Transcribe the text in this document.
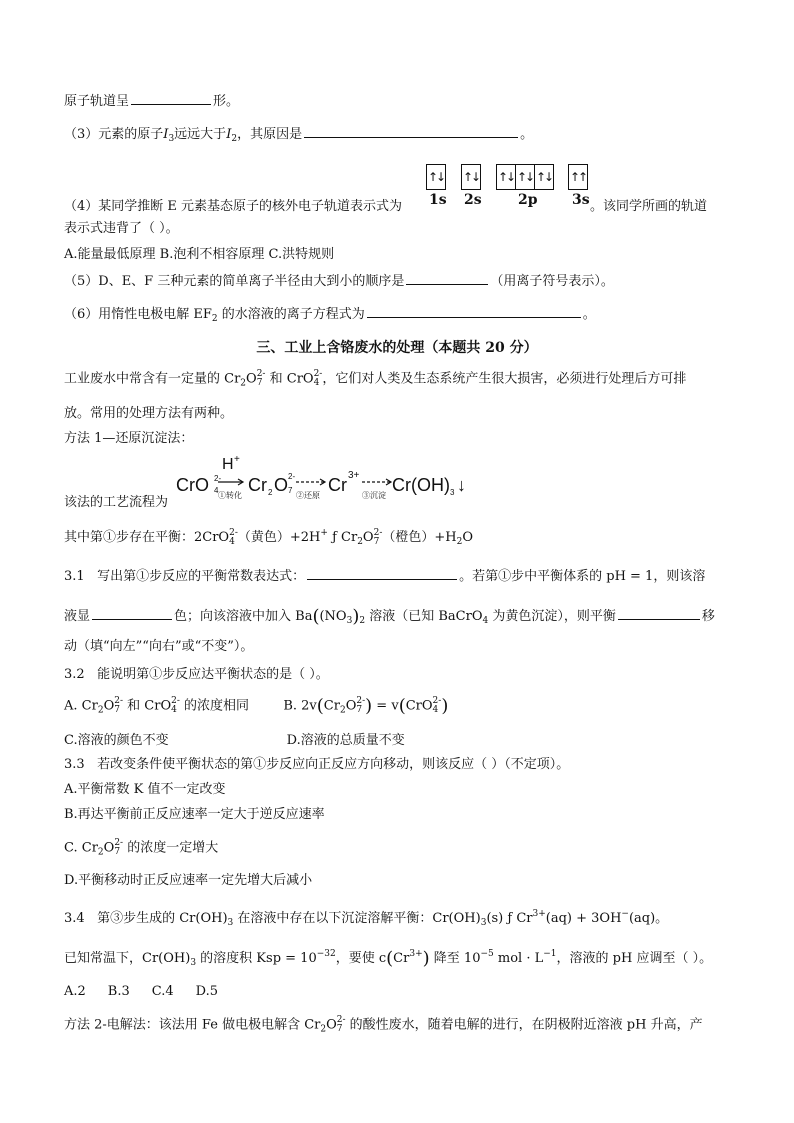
原子轨道呈	形。
（3）元素的原子$I_3$远远大于$I_2$，其原因是	。
↑↓ ↑↓ ↑↓ ↑↓ ↑↓ ↑↑
1s 2s	2p 3s
（4）某同学推断 E 元素基态原子的核外电子轨道表示式为	。该同学所画的轨道
表示式违背了（ ）。
A.能量最低原理 B.泡利不相容原理 C.洪特规则
（5）D、E、F 三种元素的简单离子半径由大到小的顺序是	（用离子符号表示）。
（6）用惰性电极电解 $EF_2$ 的水溶液的离子方程式为	。
三、工业上含铬废水的处理（本题共 20 分）
工业废水中常含有一定量的 $Cr_2O$ 2-
7 和 CrO 2-
4 ，它们对人类及生态系统产生很大损害，必须进行处理后方可排
放。常用的处理方法有两种。
方法 1—还原沉淀法：
CrO 2-
4
H +
①转化
Cr 2 O 2-
7
②还原
Cr 3+
③沉淀
Cr(OH) 3 ↓
该法的工艺流程为
其中第①步存在平衡：2CrO 2-
4 （黄色）+2H+ ƒ $Cr_2O$ 2-
7 （橙色）$+H_2O$
3.1 写出第①步反应的平衡常数表达式：	。若第①步中平衡体系的 pH = 1，则该溶
液显	色；向该溶液中加入 $Ba((NO_3)_2$ 溶液（已知 BaCrO$_4$ 为黄色沉淀），则平衡	移
动（填“向左”“向右”或“不变”）。
3.2 能说明第①步反应达平衡状态的是（ ）。
A. $Cr_2O$ 2-
7 和 CrO 2-
4 的浓度相同	B. $2v(Cr_2O$ 2-
7 ) = v(CrO 2-
4 )
C.溶液的颜色不变	D.溶液的总质量不变
3.3 若改变条件使平衡状态的第①步反应向正反应方向移动，则该反应（ ）（不定项）。
A.平衡常数 K 值不一定改变
B.再达平衡前正反应速率一定大于逆反应速率
C. $Cr_2O$ 2-
7 的浓度一定增大
D.平衡移动时正反应速率一定先增大后减小
3.4 第③步生成的 $Cr(OH)_3$ 在溶液中存在以下沉淀溶解平衡：$Cr(OH)_3(s)$ ƒ $Cr^{3+}(aq) + 3OH^-(aq)$。
已知常温下，$Cr(OH)_3$ 的溶度积 Ksp = $10^{-32}$，要使 $c(Cr^{3+})$ 降至 $10^{-5}$ mol · $L^{-1}$，溶液的 pH 应调至（ ）。
A.2 B.3 C.4 D.5
方法 2-电解法：该法用 Fe 做电极电解含 $Cr_2O$ 2-
7 的酸性废水，随着电解的进行，在阴极附近溶液 pH 升高，产
